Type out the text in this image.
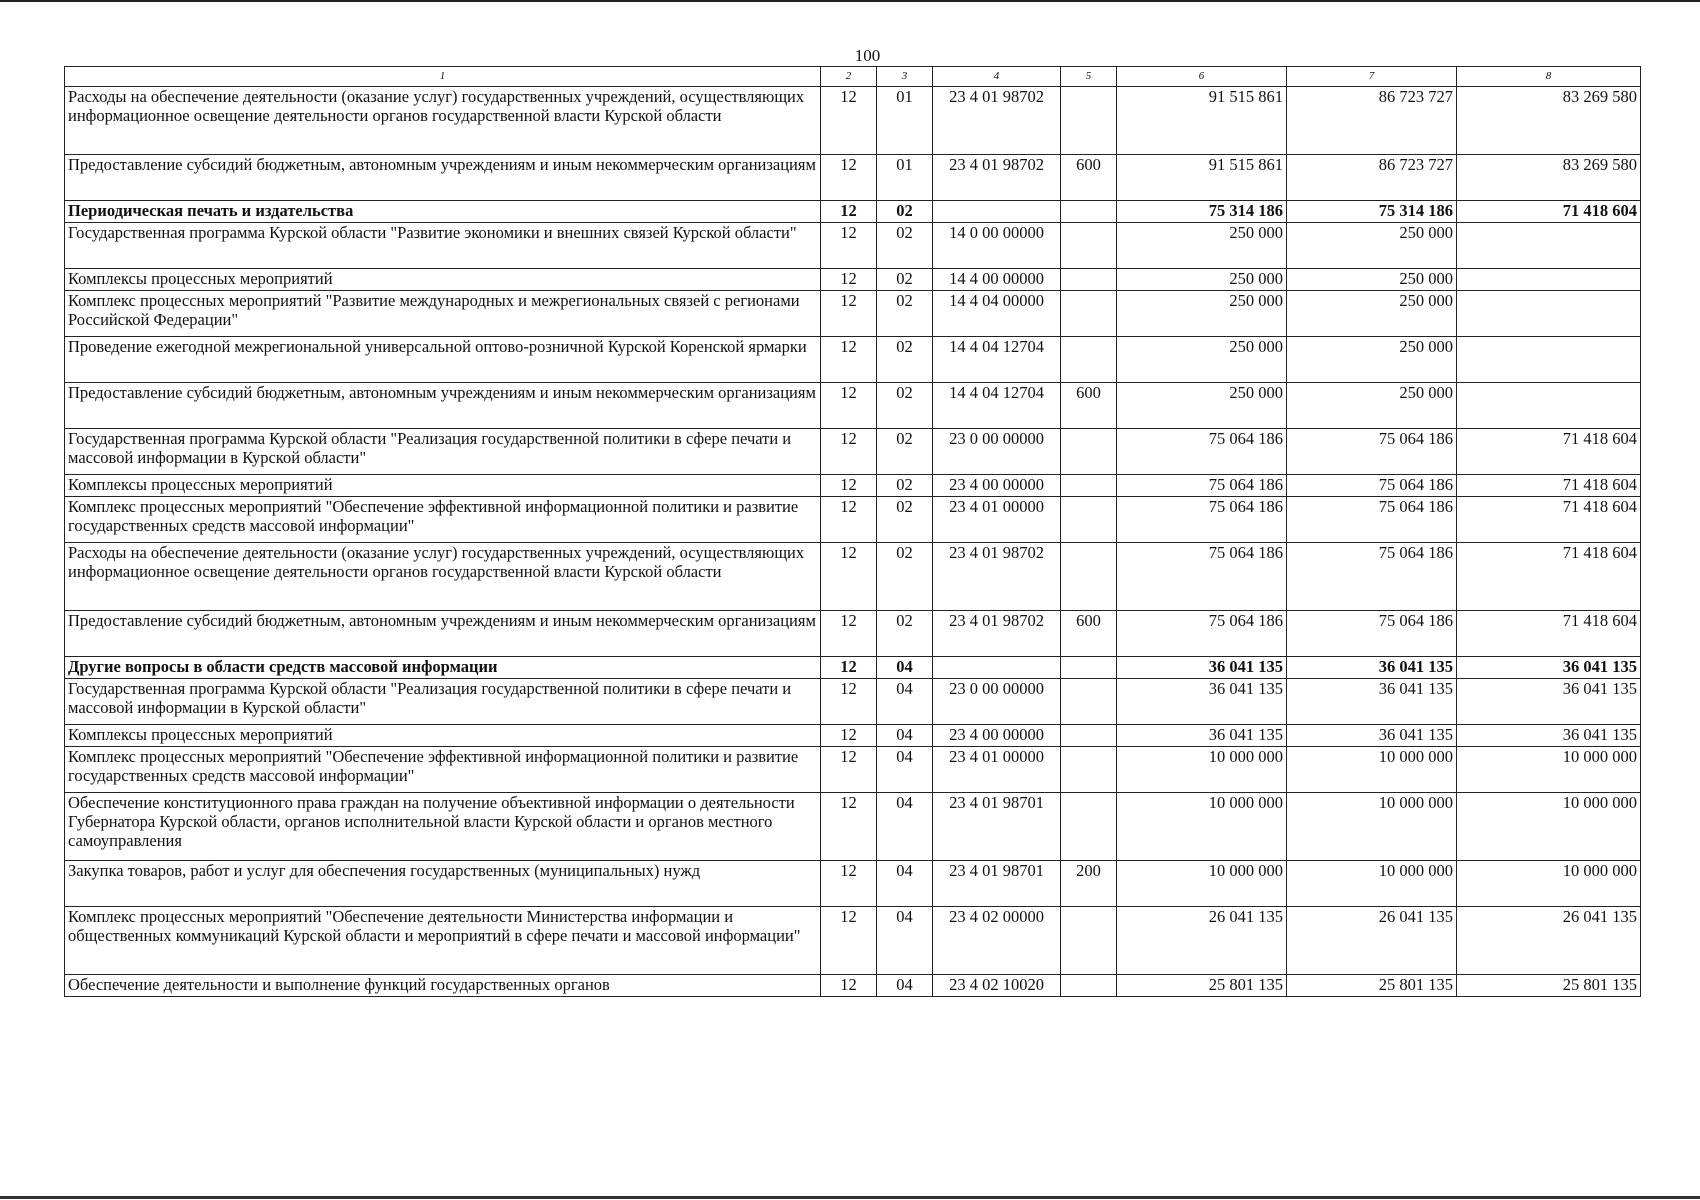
100
1	2	3	4	5	6	7	8
Расходы на обеспечение деятельности (оказание услуг) государственных учреждений, осуществляющих информационное освещение деятельности органов государственной власти Курской области	12	01	23 4 01 98702		91 515 861	86 723 727	83 269 580
Предоставление субсидий бюджетным, автономным учреждениям и иным некоммерческим организациям	12	01	23 4 01 98702	600	91 515 861	86 723 727	83 269 580
Периодическая печать и издательства	12	02			75 314 186	75 314 186	71 418 604
Государственная программа Курской области "Развитие экономики и внешних связей Курской области"	12	02	14 0 00 00000		250 000	250 000	
Комплексы процессных мероприятий	12	02	14 4 00 00000		250 000	250 000	
Комплекс процессных мероприятий "Развитие международных и межрегиональных связей с регионами Российской Федерации"	12	02	14 4 04 00000		250 000	250 000	
Проведение ежегодной межрегиональной универсальной оптово-розничной Курской Коренской ярмарки	12	02	14 4 04 12704		250 000	250 000	
Предоставление субсидий бюджетным, автономным учреждениям и иным некоммерческим организациям	12	02	14 4 04 12704	600	250 000	250 000	
Государственная программа Курской области "Реализация государственной политики в сфере печати и массовой информации в Курской области"	12	02	23 0 00 00000		75 064 186	75 064 186	71 418 604
Комплексы процессных мероприятий	12	02	23 4 00 00000		75 064 186	75 064 186	71 418 604
Комплекс процессных мероприятий "Обеспечение эффективной информационной политики и развитие государственных средств массовой информации"	12	02	23 4 01 00000		75 064 186	75 064 186	71 418 604
Расходы на обеспечение деятельности (оказание услуг) государственных учреждений, осуществляющих информационное освещение деятельности органов государственной власти Курской области	12	02	23 4 01 98702		75 064 186	75 064 186	71 418 604
Предоставление субсидий бюджетным, автономным учреждениям и иным некоммерческим организациям	12	02	23 4 01 98702	600	75 064 186	75 064 186	71 418 604
Другие вопросы в области средств массовой информации	12	04			36 041 135	36 041 135	36 041 135
Государственная программа Курской области "Реализация государственной политики в сфере печати и массовой информации в Курской области"	12	04	23 0 00 00000		36 041 135	36 041 135	36 041 135
Комплексы процессных мероприятий	12	04	23 4 00 00000		36 041 135	36 041 135	36 041 135
Комплекс процессных мероприятий "Обеспечение эффективной информационной политики и развитие государственных средств массовой информации"	12	04	23 4 01 00000		10 000 000	10 000 000	10 000 000
Обеспечение конституционного права граждан на получение объективной информации о деятельности Губернатора Курской области, органов исполнительной власти Курской области и органов местного самоуправления	12	04	23 4 01 98701		10 000 000	10 000 000	10 000 000
Закупка товаров, работ и услуг для обеспечения государственных (муниципальных) нужд	12	04	23 4 01 98701	200	10 000 000	10 000 000	10 000 000
Комплекс процессных мероприятий "Обеспечение деятельности Министерства информации и общественных коммуникаций Курской области и мероприятий в сфере печати и массовой информации"	12	04	23 4 02 00000		26 041 135	26 041 135	26 041 135
Обеспечение деятельности и выполнение функций государственных органов	12	04	23 4 02 10020		25 801 135	25 801 135	25 801 135
